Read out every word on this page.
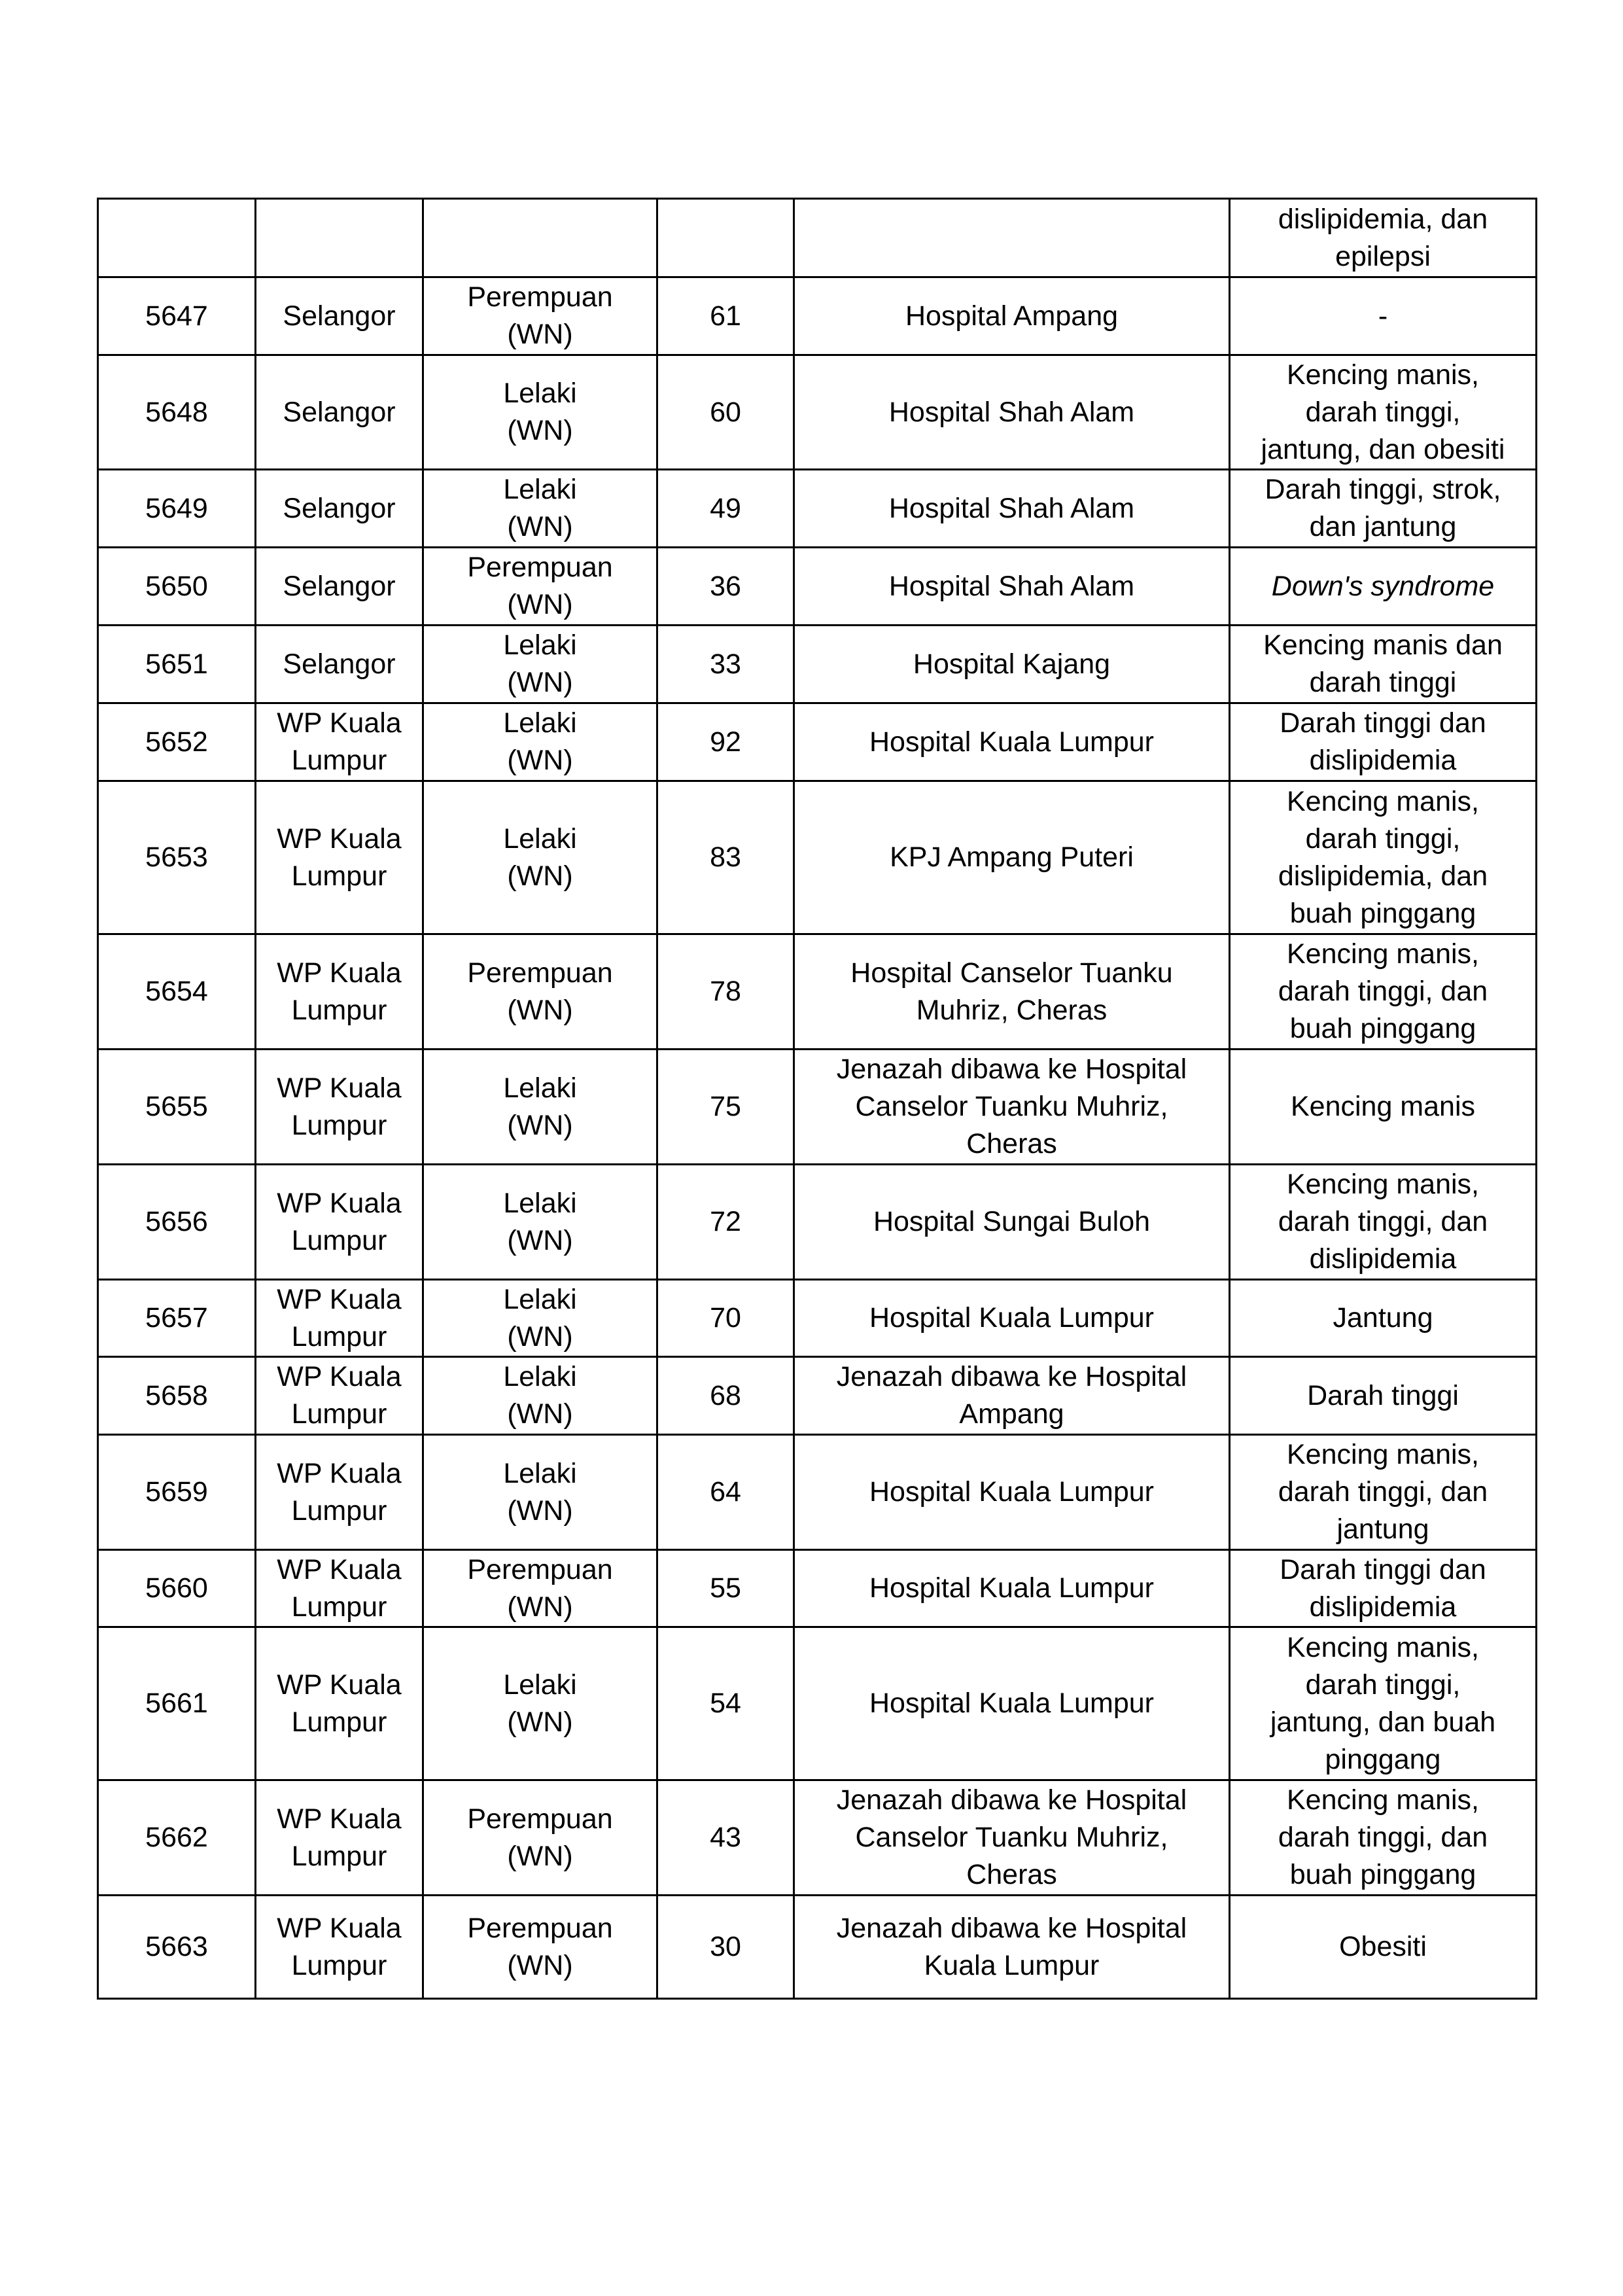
					dislipidemia, dan
epilepsi

5647	Selangor	Perempuan
(WN)	61	Hospital Ampang	-

5648	Selangor	Lelaki
(WN)	60	Hospital Shah Alam	Kencing manis,
darah tinggi,
jantung, dan obesiti

5649	Selangor	Lelaki
(WN)	49	Hospital Shah Alam	Darah tinggi, strok,
dan jantung

5650	Selangor	Perempuan
(WN)	36	Hospital Shah Alam	Down's syndrome

5651	Selangor	Lelaki
(WN)	33	Hospital Kajang	Kencing manis dan
darah tinggi

5652	WP Kuala
Lumpur	Lelaki
(WN)	92	Hospital Kuala Lumpur	Darah tinggi dan
dislipidemia

5653	WP Kuala
Lumpur	Lelaki
(WN)	83	KPJ Ampang Puteri	Kencing manis,
darah tinggi,
dislipidemia, dan
buah pinggang

5654	WP Kuala
Lumpur	Perempuan
(WN)	78	Hospital Canselor Tuanku
Muhriz, Cheras	Kencing manis,
darah tinggi, dan
buah pinggang

5655	WP Kuala
Lumpur	Lelaki
(WN)	75	Jenazah dibawa ke Hospital
Canselor Tuanku Muhriz,
Cheras	Kencing manis

5656	WP Kuala
Lumpur	Lelaki
(WN)	72	Hospital Sungai Buloh	Kencing manis,
darah tinggi, dan
dislipidemia

5657	WP Kuala
Lumpur	Lelaki
(WN)	70	Hospital Kuala Lumpur	Jantung

5658	WP Kuala
Lumpur	Lelaki
(WN)	68	Jenazah dibawa ke Hospital
Ampang	Darah tinggi

5659	WP Kuala
Lumpur	Lelaki
(WN)	64	Hospital Kuala Lumpur	Kencing manis,
darah tinggi, dan
jantung

5660	WP Kuala
Lumpur	Perempuan
(WN)	55	Hospital Kuala Lumpur	Darah tinggi dan
dislipidemia

5661	WP Kuala
Lumpur	Lelaki
(WN)	54	Hospital Kuala Lumpur	Kencing manis,
darah tinggi,
jantung, dan buah
pinggang

5662	WP Kuala
Lumpur	Perempuan
(WN)	43	Jenazah dibawa ke Hospital
Canselor Tuanku Muhriz,
Cheras	Kencing manis,
darah tinggi, dan
buah pinggang

5663	WP Kuala
Lumpur	Perempuan
(WN)	30	Jenazah dibawa ke Hospital
Kuala Lumpur	Obesiti
